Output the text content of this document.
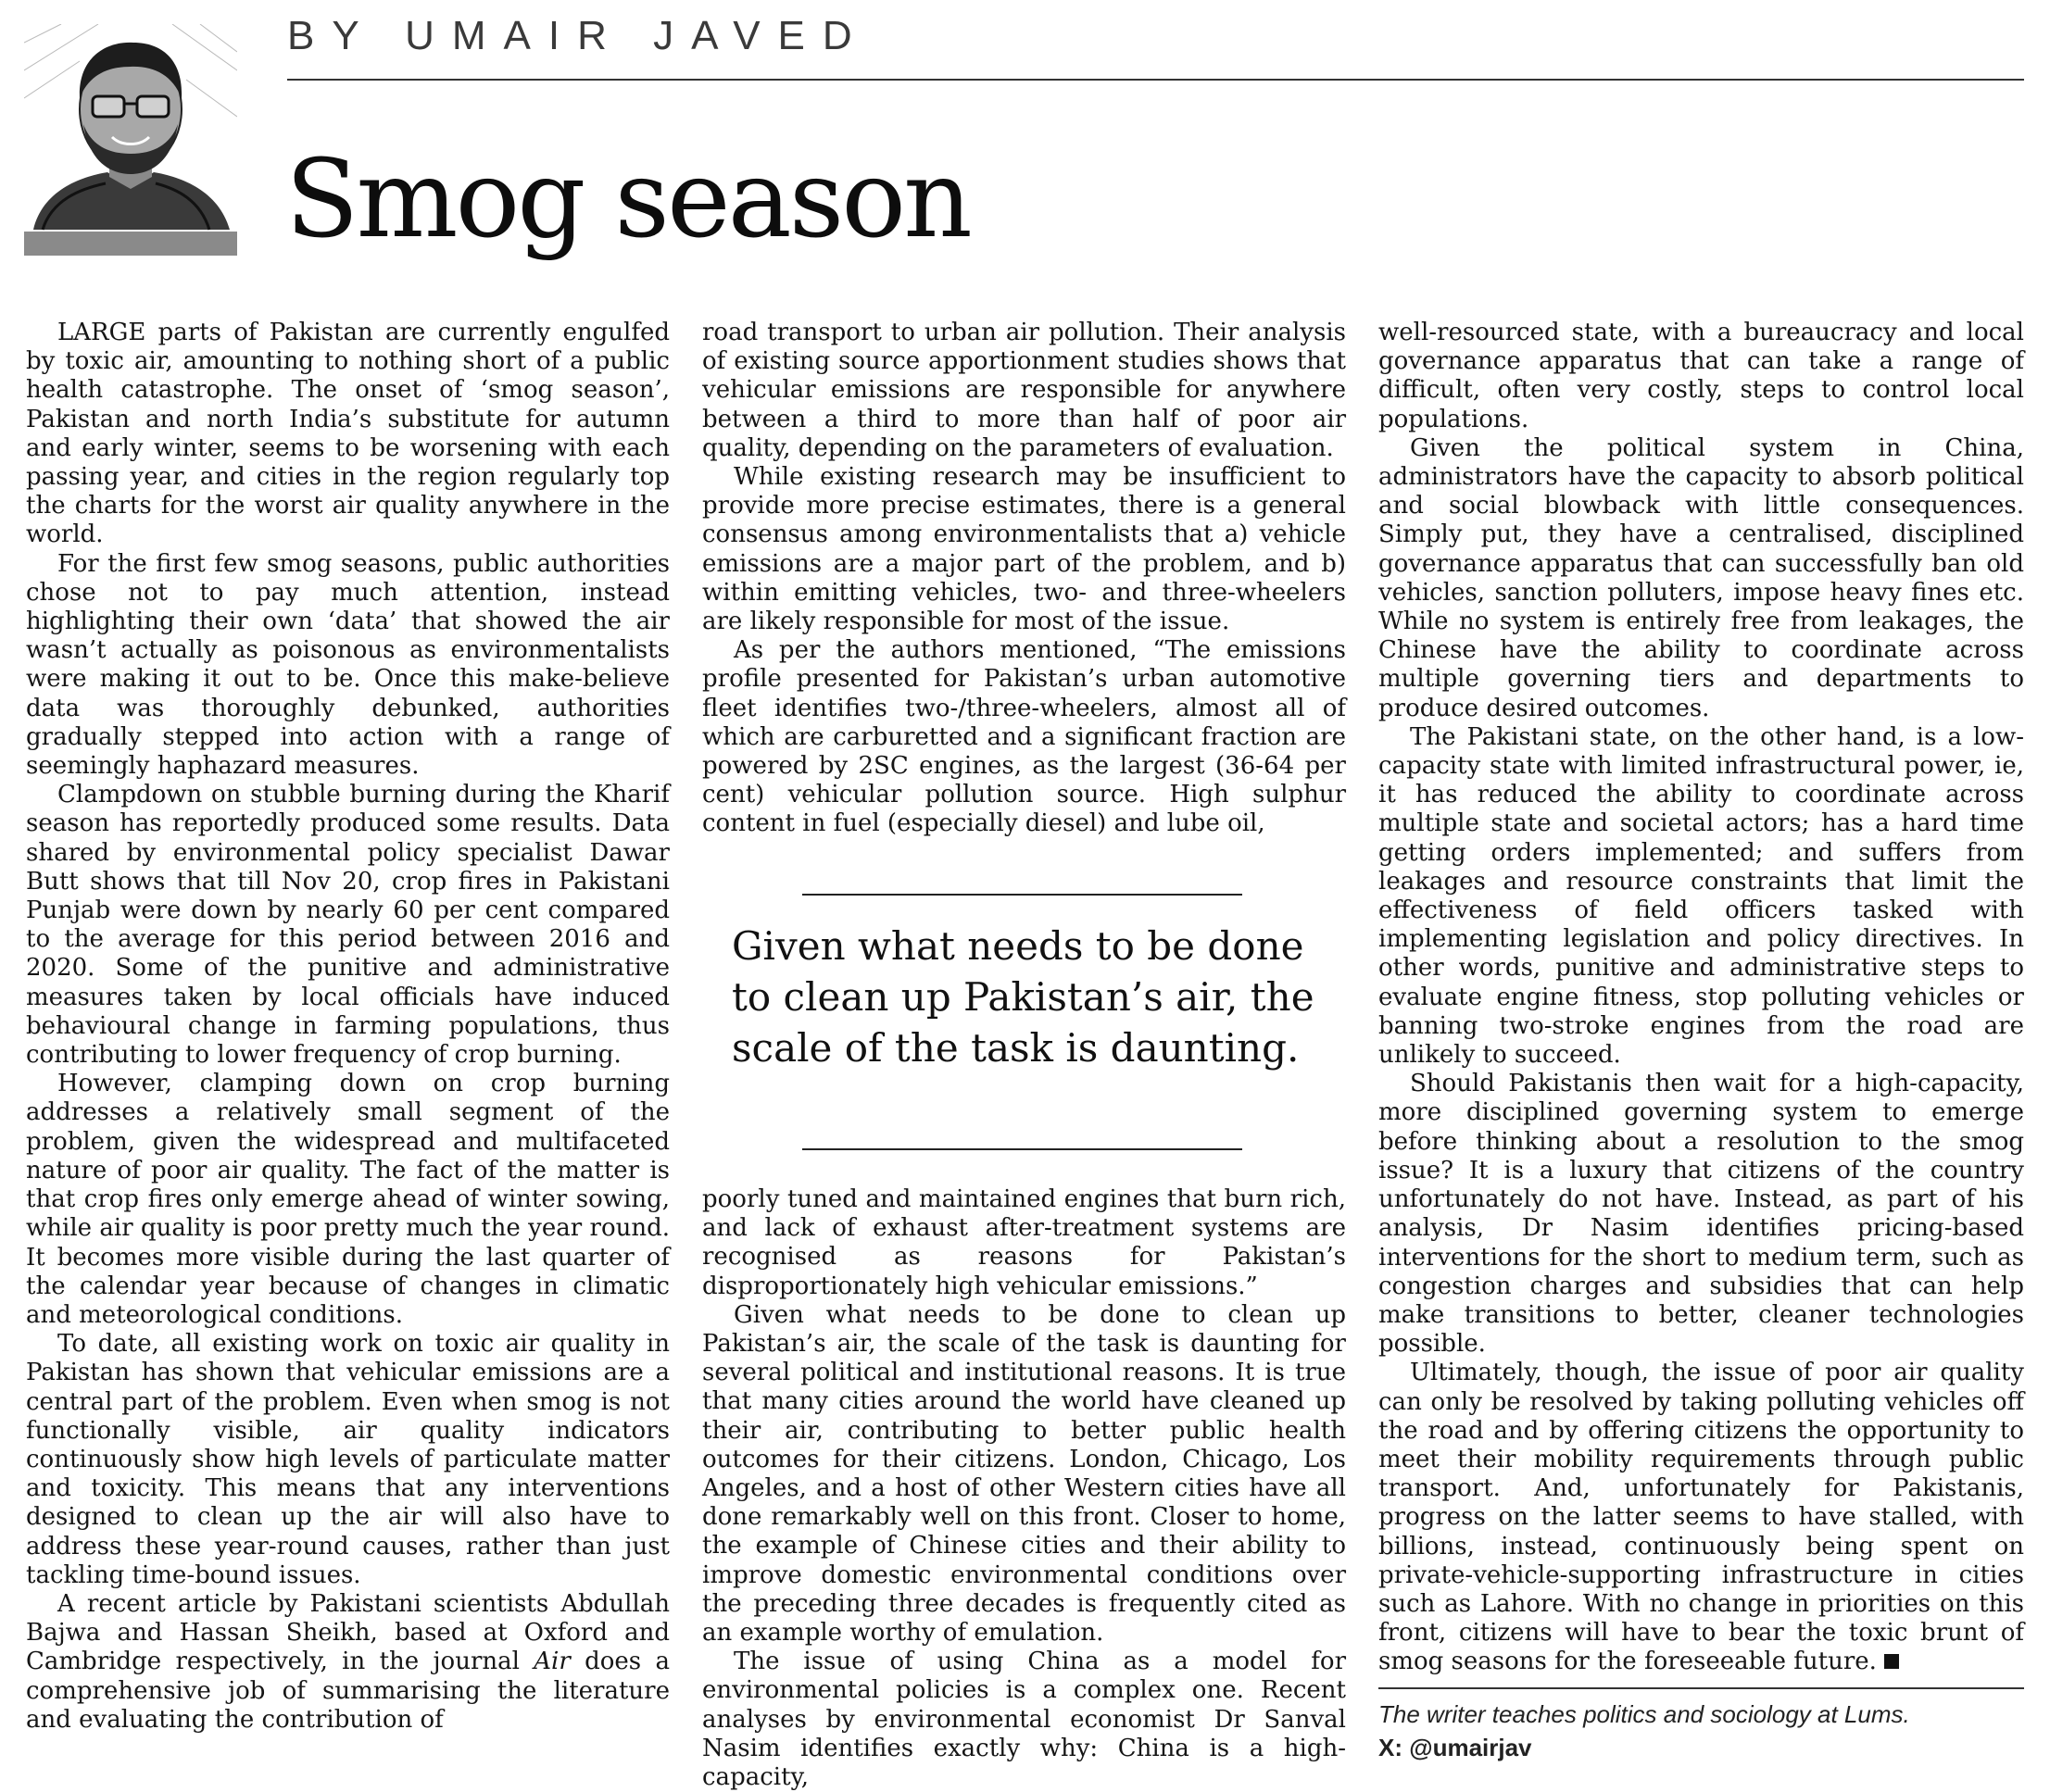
BY UMAIR JAVED
Smog season

LARGE parts of Pakistan are currently engulfed by toxic air, amounting to nothing short of a public health catastrophe. The onset of ‘smog season’, Pakistan and north India’s substitute for autumn and early winter, seems to be worsening with each passing year, and cities in the region regularly top the charts for the worst air quality anywhere in the world.

For the first few smog seasons, public authorities chose not to pay much attention, instead highlighting their own ‘data’ that showed the air wasn’t actually as poisonous as environmentalists were making it out to be. Once this make-believe data was thoroughly debunked, authorities gradually stepped into action with a range of seemingly haphazard measures.

Clampdown on stubble burning during the Kharif season has reportedly produced some results. Data shared by environmental policy specialist Dawar Butt shows that till Nov 20, crop fires in Pakistani Punjab were down by nearly 60 per cent compared to the average for this period between 2016 and 2020. Some of the punitive and administrative measures taken by local officials have induced behavioural change in farming populations, thus contributing to lower frequency of crop burning.

However, clamping down on crop burning addresses a relatively small segment of the problem, given the widespread and multifaceted nature of poor air quality. The fact of the matter is that crop fires only emerge ahead of winter sowing, while air quality is poor pretty much the year round. It becomes more visible during the last quarter of the calendar year because of changes in climatic and meteorological conditions.

To date, all existing work on toxic air quality in Pakistan has shown that vehicular emissions are a central part of the problem. Even when smog is not functionally visible, air quality indicators continuously show high levels of particulate matter and toxicity. This means that any interventions designed to clean up the air will also have to address these year-round causes, rather than just tackling time-bound issues.

A recent article by Pakistani scientists Abdullah Bajwa and Hassan Sheikh, based at Oxford and Cambridge respectively, in the journal Air does a comprehensive job of summarising the literature and evaluating the contribution of

road transport to urban air pollution. Their analysis of existing source apportionment studies shows that vehicular emissions are responsible for anywhere between a third to more than half of poor air quality, depending on the parameters of evaluation.

While existing research may be insufficient to provide more precise estimates, there is a general consensus among environmentalists that a) vehicle emissions are a major part of the problem, and b) within emitting vehicles, two- and three-wheelers are likely responsible for most of the issue.

As per the authors mentioned, “The emissions profile presented for Pakistan’s urban automotive fleet identifies two-/three-wheelers, almost all of which are carburetted and a significant fraction are powered by 2SC engines, as the largest (36-64 per cent) vehicular pollution source. High sulphur content in fuel (especially diesel) and lube oil,

Given what needs to be done to clean up Pakistan’s air, the scale of the task is daunting.

poorly tuned and maintained engines that burn rich, and lack of exhaust after-treatment systems are recognised as reasons for Pakistan’s disproportionately high vehicular emissions.”

Given what needs to be done to clean up Pakistan’s air, the scale of the task is daunting for several political and institutional reasons. It is true that many cities around the world have cleaned up their air, contributing to better public health outcomes for their citizens. London, Chicago, Los Angeles, and a host of other Western cities have all done remarkably well on this front. Closer to home, the example of Chinese cities and their ability to improve domestic environmental conditions over the preceding three decades is frequently cited as an example worthy of emulation.

The issue of using China as a model for environmental policies is a complex one. Recent analyses by environmental economist Dr Sanval Nasim identifies exactly why: China is a high-capacity,

well-resourced state, with a bureaucracy and local governance apparatus that can take a range of difficult, often very costly, steps to control local populations.

Given the political system in China, administrators have the capacity to absorb political and social blowback with little consequences. Simply put, they have a centralised, disciplined governance apparatus that can successfully ban old vehicles, sanction polluters, impose heavy fines etc. While no system is entirely free from leakages, the Chinese have the ability to coordinate across multiple governing tiers and departments to produce desired outcomes.

The Pakistani state, on the other hand, is a low-capacity state with limited infrastructural power, ie, it has reduced the ability to coordinate across multiple state and societal actors; has a hard time getting orders implemented; and suffers from leakages and resource constraints that limit the effectiveness of field officers tasked with implementing legislation and policy directives. In other words, punitive and administrative steps to evaluate engine fitness, stop polluting vehicles or banning two-stroke engines from the road are unlikely to succeed.

Should Pakistanis then wait for a high-capacity, more disciplined governing system to emerge before thinking about a resolution to the smog issue? It is a luxury that citizens of the country unfortunately do not have. Instead, as part of his analysis, Dr Nasim identifies pricing-based interventions for the short to medium term, such as congestion charges and subsidies that can help make transitions to better, cleaner technologies possible.

Ultimately, though, the issue of poor air quality can only be resolved by taking polluting vehicles off the road and by offering citizens the opportunity to meet their mobility requirements through public transport. And, unfortunately for Pakistanis, progress on the latter seems to have stalled, with billions, instead, continuously being spent on private-vehicle-supporting infrastructure in cities such as Lahore. With no change in priorities on this front, citizens will have to bear the toxic brunt of smog seasons for the foreseeable future.

The writer teaches politics and sociology at Lums.
X: @umairjav
